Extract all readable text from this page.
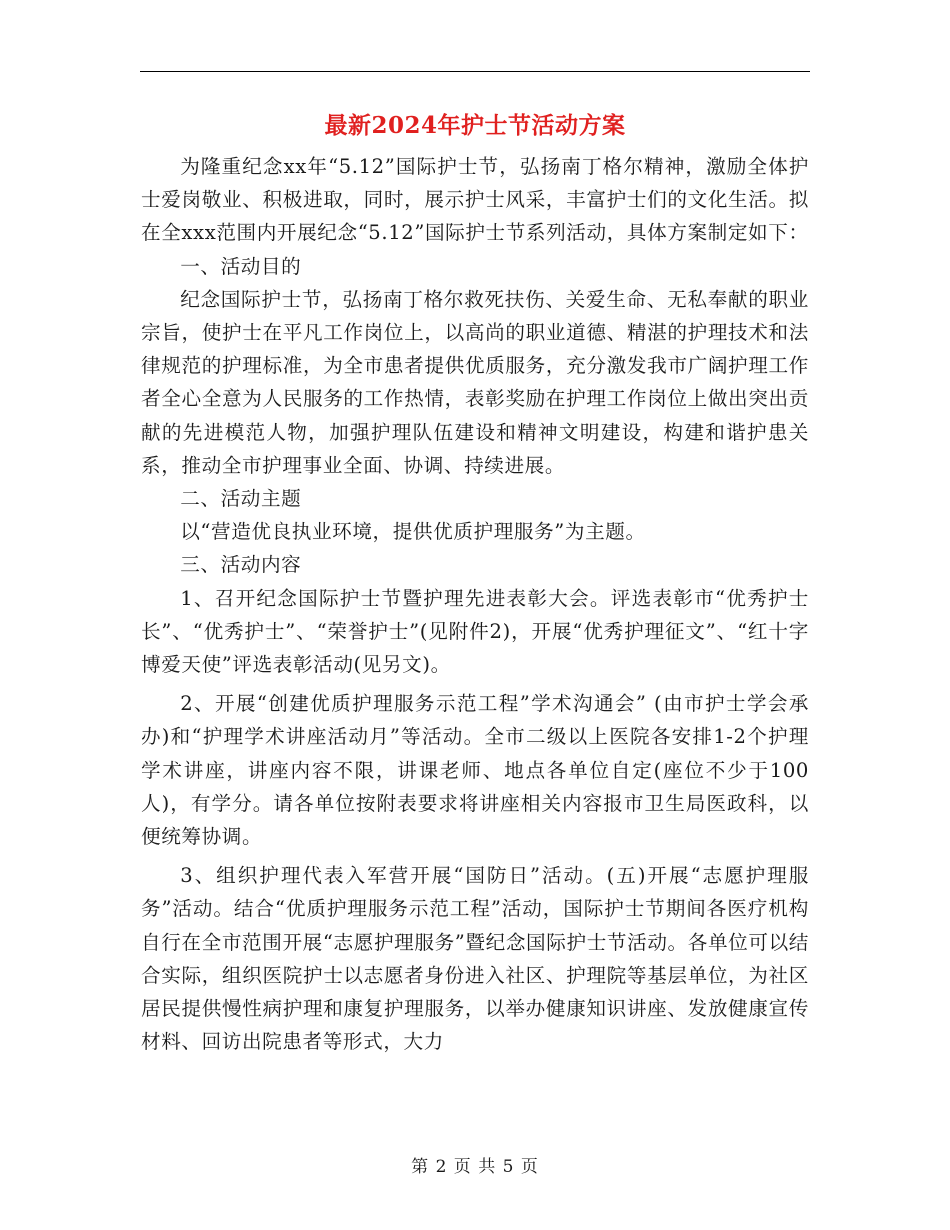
最新2024年护士节活动方案

为隆重纪念xx年“5.12”国际护士节，弘扬南丁格尔精神，激励全体护士爱岗敬业、积极进取，同时，展示护士风采，丰富护士们的文化生活。拟在全xxx范围内开展纪念“5.12”国际护士节系列活动，具体方案制定如下：

一、活动目的

纪念国际护士节，弘扬南丁格尔救死扶伤、关爱生命、无私奉献的职业宗旨，使护士在平凡工作岗位上，以高尚的职业道德、精湛的护理技术和法律规范的护理标准，为全市患者提供优质服务，充分激发我市广阔护理工作者全心全意为人民服务的工作热情，表彰奖励在护理工作岗位上做出突出贡献的先进模范人物，加强护理队伍建设和精神文明建设，构建和谐护患关系，推动全市护理事业全面、协调、持续进展。

二、活动主题

以“营造优良执业环境，提供优质护理服务”为主题。

三、活动内容

1、召开纪念国际护士节暨护理先进表彰大会。评选表彰市“优秀护士长”、“优秀护士”、“荣誉护士”(见附件2)，开展“优秀护理征文”、“红十字博爱天使”评选表彰活动(见另文)。

2、开展“创建优质护理服务示范工程”学术沟通会” (由市护士学会承办)和“护理学术讲座活动月”等活动。全市二级以上医院各安排1-2个护理学术讲座，讲座内容不限，讲课老师、地点各单位自定(座位不少于100人)，有学分。请各单位按附表要求将讲座相关内容报市卫生局医政科，以便统筹协调。

3、组织护理代表入军营开展“国防日”活动。(五)开展“志愿护理服务”活动。结合“优质护理服务示范工程”活动，国际护士节期间各医疗机构自行在全市范围开展“志愿护理服务”暨纪念国际护士节活动。各单位可以结合实际，组织医院护士以志愿者身份进入社区、护理院等基层单位，为社区居民提供慢性病护理和康复护理服务，以举办健康知识讲座、发放健康宣传材料、回访出院患者等形式，大力

第 2 页 共 5 页
